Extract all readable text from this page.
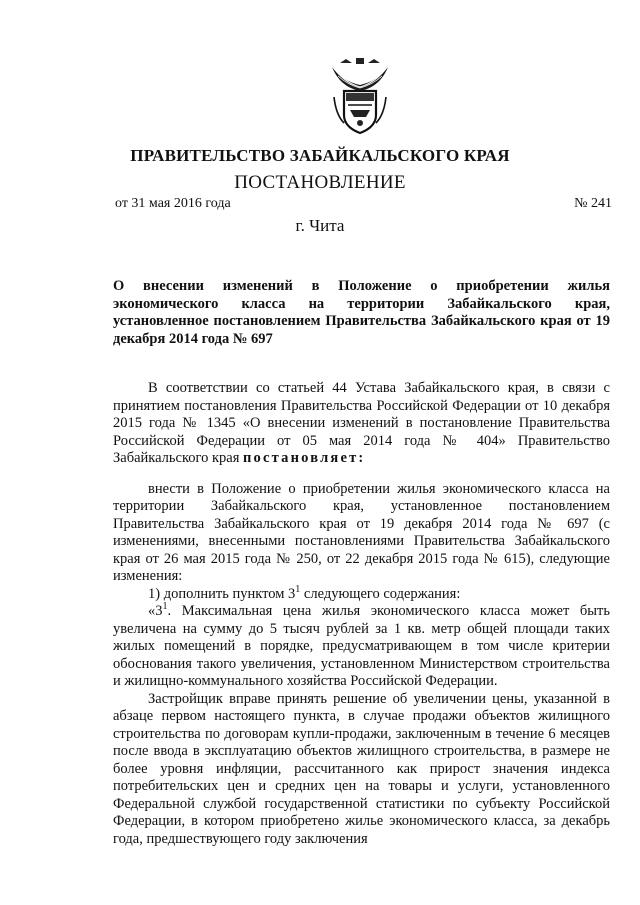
ПРАВИТЕЛЬСТВО ЗАБАЙКАЛЬСКОГО КРАЯ
ПОСТАНОВЛЕНИЕ
от 31 мая 2016 года	№ 241
г. Чита
О внесении изменений в Положение о приобретении жилья экономического класса на территории Забайкальского края, установленное постановлением Правительства Забайкальского края от 19 декабря 2014 года № 697

В соответствии со статьей 44 Устава Забайкальского края, в связи с принятием постановления Правительства Российской Федерации от 10 декабря 2015 года № 1345 «О внесении изменений в постановление Правительства Российской Федерации от 05 мая 2014 года № 404» Правительство Забайкальского края постановляет:

внести в Положение о приобретении жилья экономического класса на территории Забайкальского края, установленное постановлением Правительства Забайкальского края от 19 декабря 2014 года № 697 (с изменениями, внесенными постановлениями Правительства Забайкальского края от 26 мая 2015 года № 250, от 22 декабря 2015 года № 615), следующие изменения:

1) дополнить пунктом $3^1$ следующего содержания:

«$3^1$. Максимальная цена жилья экономического класса может быть увеличена на сумму до 5 тысяч рублей за 1 кв. метр общей площади таких жилых помещений в порядке, предусматривающем в том числе критерии обоснования такого увеличения, установленном Министерством строительства и жилищно-коммунального хозяйства Российской Федерации.

Застройщик вправе принять решение об увеличении цены, указанной в абзаце первом настоящего пункта, в случае продажи объектов жилищного строительства по договорам купли-продажи, заключенным в течение 6 месяцев после ввода в эксплуатацию объектов жилищного строительства, в размере не более уровня инфляции, рассчитанного как прирост значения индекса потребительских цен и средних цен на товары и услуги, установленного Федеральной службой государственной статистики по субъекту Российской Федерации, в котором приобретено жилье экономического класса, за декабрь года, предшествующего году заключения
